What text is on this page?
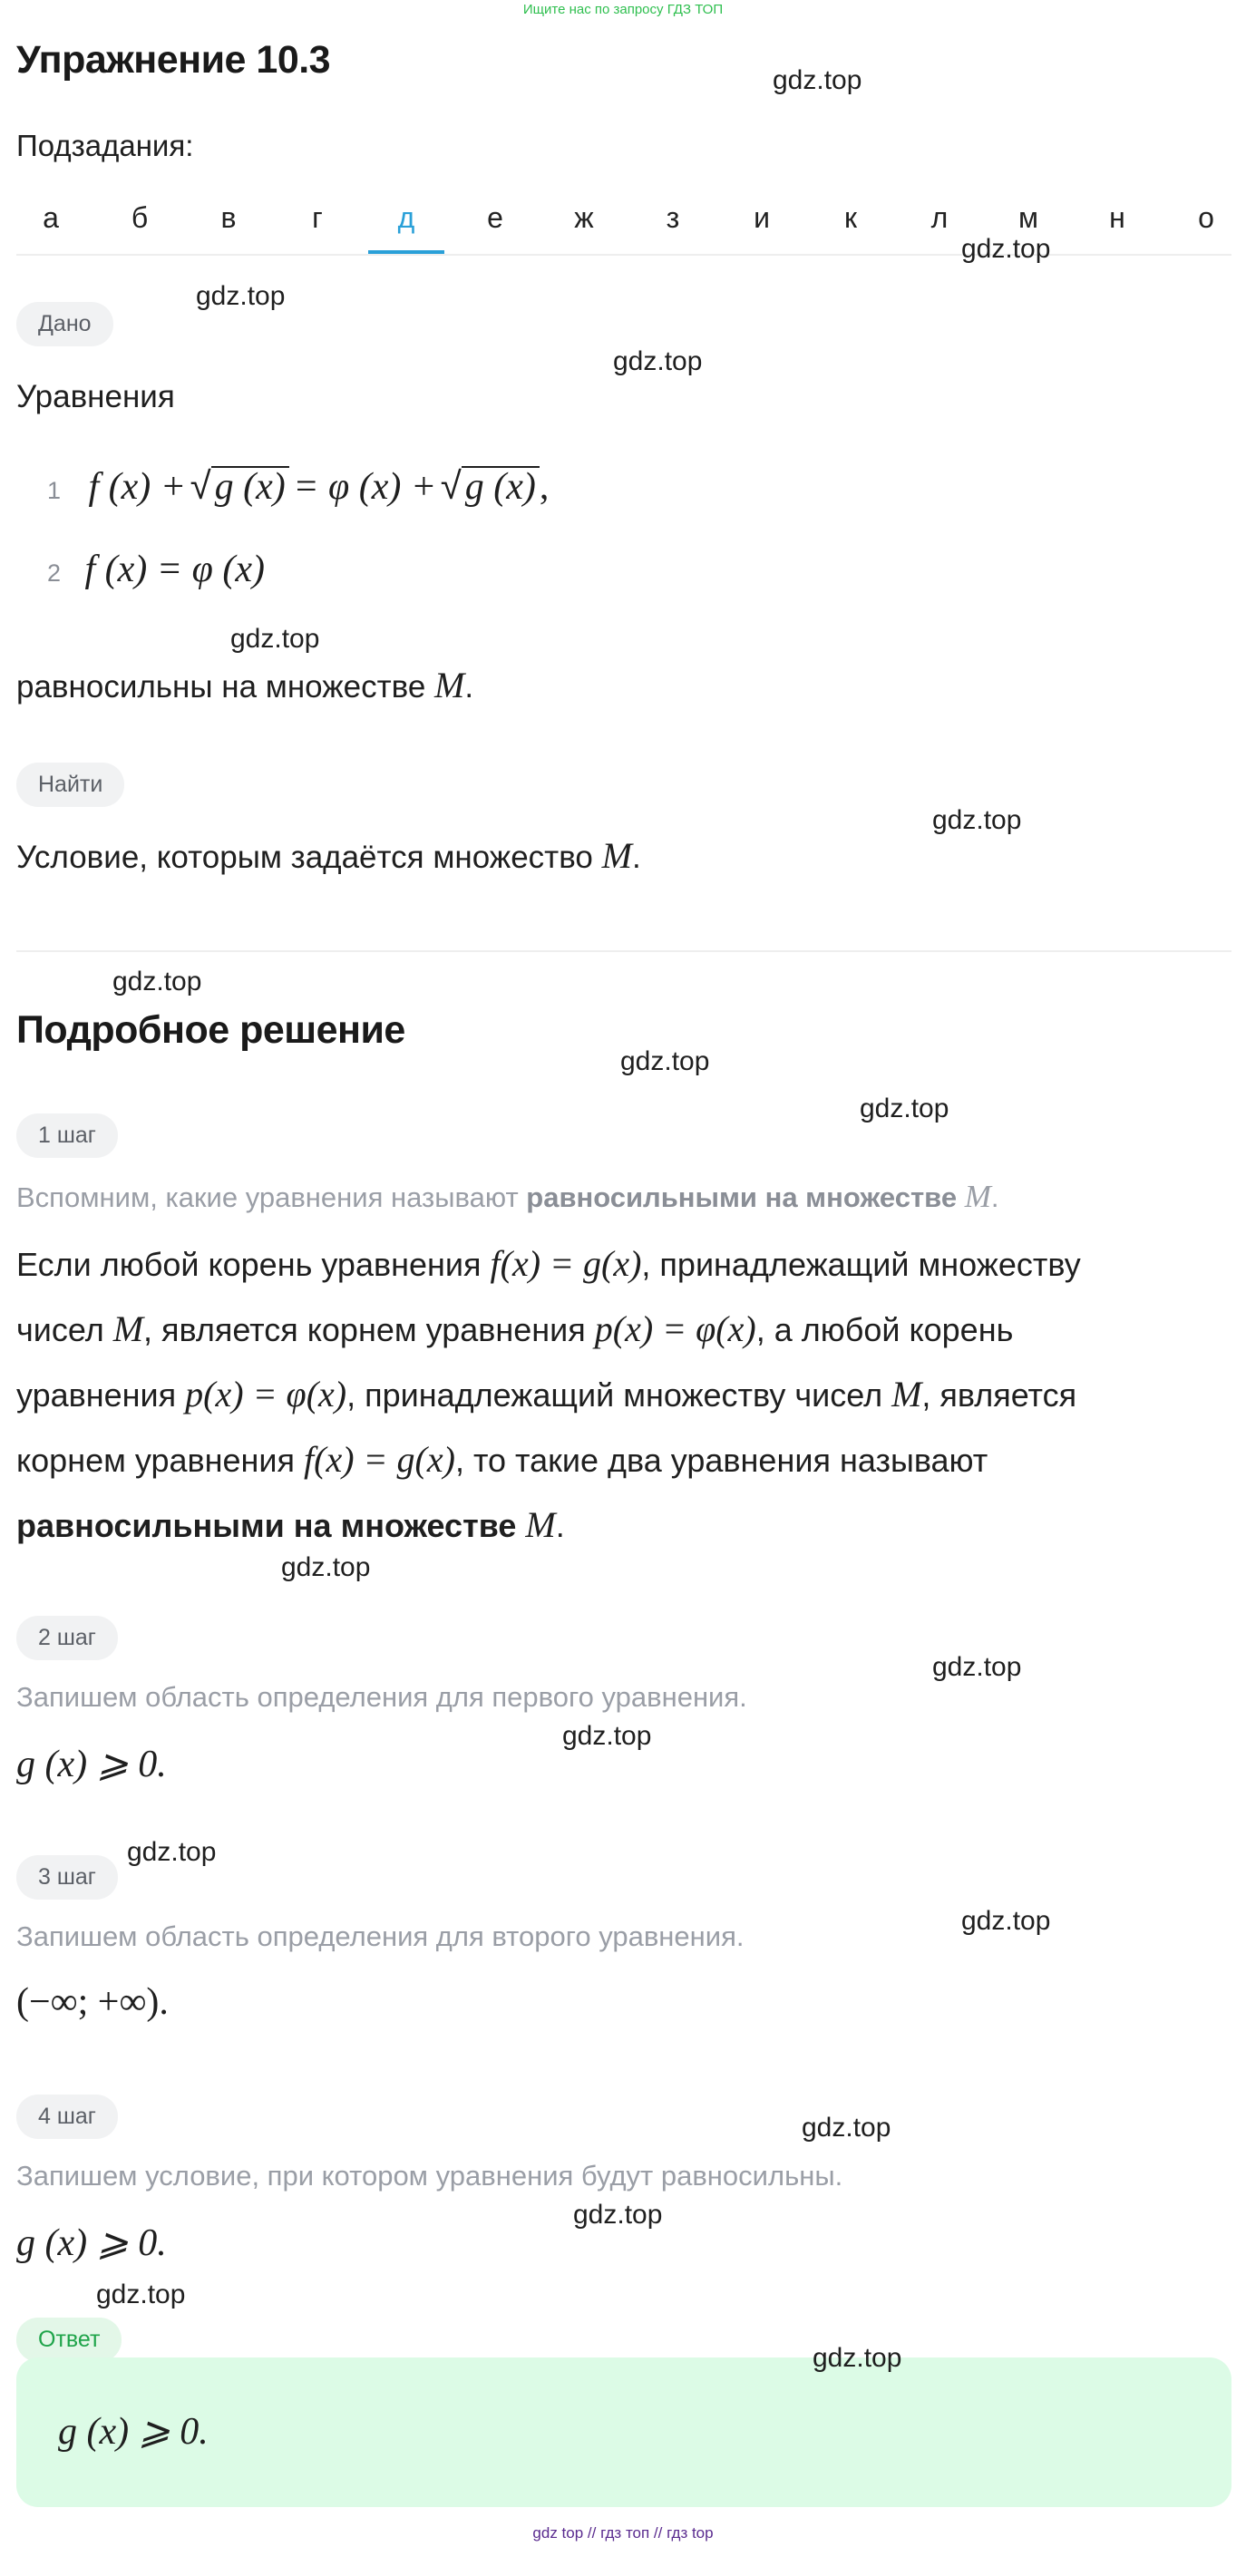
Ищите нас по запросу ГДЗ ТОП
Упражнение 10.3
Подзадания:
а	б	в	г	д	е	ж	з	и	к	л	м	н	о
Дано
Уравнения
1 f (x) + √g (x) = φ (x) + √g (x),
2 f (x) = φ (x)
равносильны на множестве M.
Найти
Условие, которым задаётся множество M.
Подробное решение
1 шаг
Вспомним, какие уравнения называют равносильными на множестве M.
Если любой корень уравнения f(x) = g(x), принадлежащий множеству
чисел M, является корнем уравнения p(x) = φ(x), а любой корень
уравнения p(x) = φ(x), принадлежащий множеству чисел M, является
корнем уравнения f(x) = g(x), то такие два уравнения называют
равносильными на множестве M.
2 шаг
Запишем область определения для первого уравнения.
g (x) ⩾ 0.
3 шаг
Запишем область определения для второго уравнения.
(−∞; +∞).
4 шаг
Запишем условие, при котором уравнения будут равносильны.
g (x) ⩾ 0.
Ответ
g (x) ⩾ 0.
gdz.top
gdz.top
gdz.top
gdz.top
gdz.top
gdz.top
gdz.top
gdz.top
gdz.top
gdz.top
gdz.top
gdz.top
gdz.top
gdz.top
gdz.top
gdz.top
gdz.top
gdz.top
gdz top // гдз топ // гдз top
